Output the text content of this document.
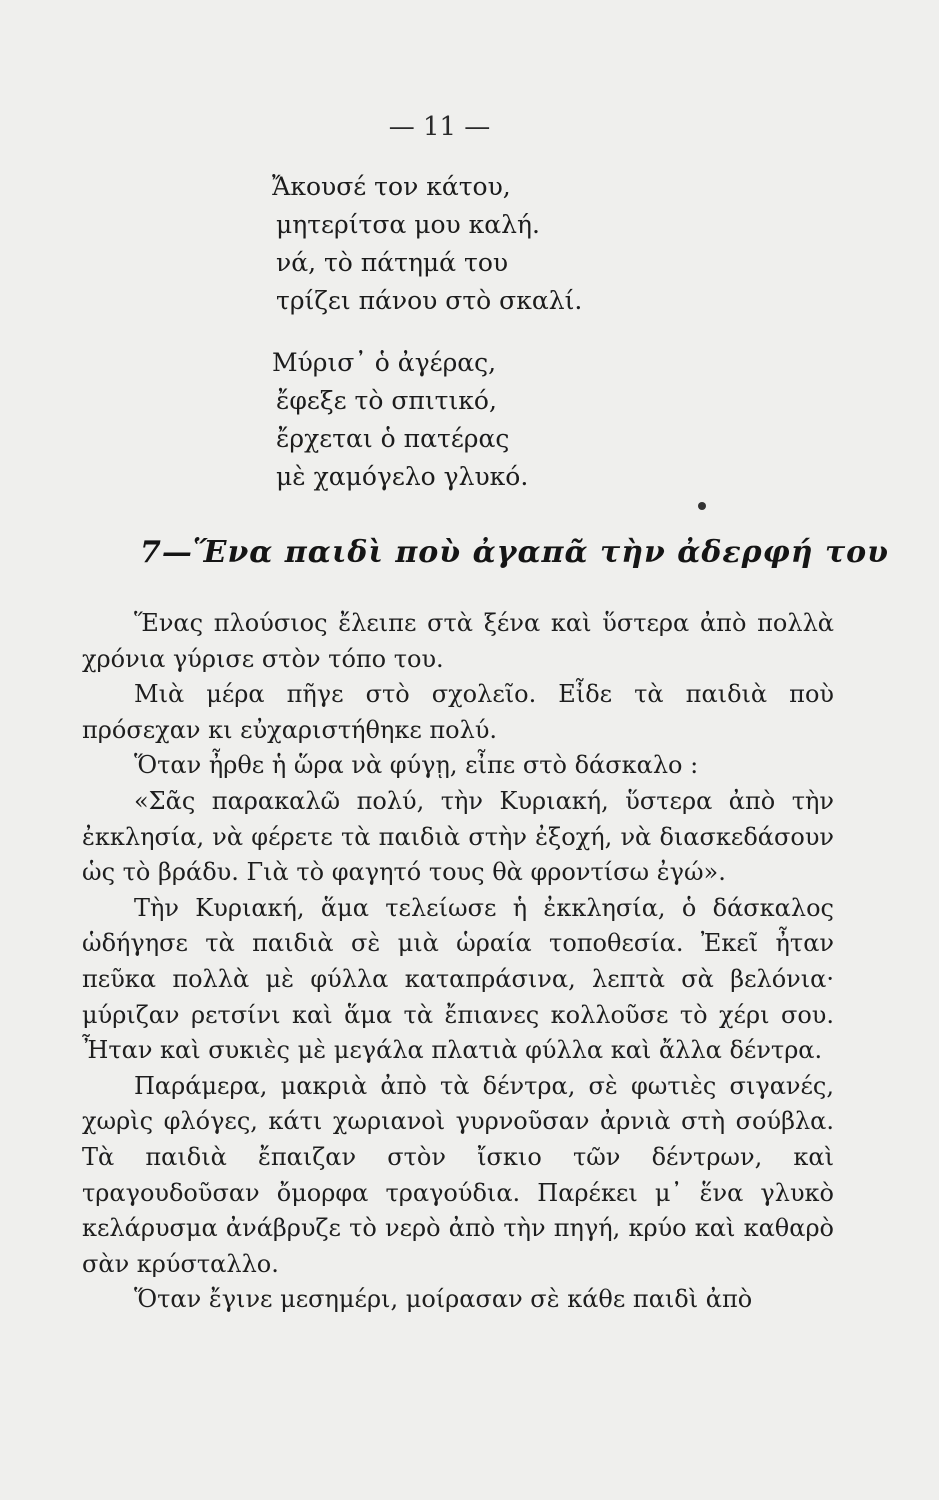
— 11 —
Ἄκουσέ τον κάτου,
μητερίτσα μου καλή.
νά, τὸ πάτημά του
τρίζει πάνου στὸ σκαλί.
Μύρισ᾽ ὁ ἀγέρας,
ἔφεξε τὸ σπιτικό,
ἔρχεται ὁ πατέρας
μὲ χαμόγελο γλυκό.
7—Ἕνα παιδὶ ποὺ ἀγαπᾶ τὴν ἀδερφή του

Ἕνας πλούσιος ἔλειπε στὰ ξένα καὶ ὕστερα ἀπὸ πολλὰ χρόνια γύρισε στὸν τόπο του.

Μιὰ μέρα πῆγε στὸ σχολεῖο. Εἶδε τὰ παιδιὰ ποὺ πρόσεχαν κι εὐχαριστήθηκε πολύ.

Ὅταν ἦρθε ἡ ὥρα νὰ φύγῃ, εἶπε στὸ δάσκαλο :

«Σᾶς παρακαλῶ πολύ, τὴν Κυριακή, ὕστερα ἀπὸ τὴν ἐκκλησία, νὰ φέρετε τὰ παιδιὰ στὴν ἐξοχή, νὰ διασκεδάσουν ὡς τὸ βράδυ. Γιὰ τὸ φαγητό τους θὰ φροντίσω ἐγώ».

Τὴν Κυριακή, ἅμα τελείωσε ἡ ἐκκλησία, ὁ δάσκαλος ὡδήγησε τὰ παιδιὰ σὲ μιὰ ὡραία τοποθεσία. Ἐκεῖ ἦταν πεῦκα πολλὰ μὲ φύλλα καταπράσινα, λεπτὰ σὰ βελόνια· μύριζαν ρετσίνι καὶ ἅμα τὰ ἔπιανες κολλοῦσε τὸ χέρι σου. Ἦταν καὶ συκιὲς μὲ μεγάλα πλατιὰ φύλλα καὶ ἄλλα δέντρα.

Παράμερα, μακριὰ ἀπὸ τὰ δέντρα, σὲ φωτιὲς σιγανές, χωρὶς φλόγες, κάτι χωριανοὶ γυρνοῦσαν ἀρνιὰ στὴ σούβλα. Τὰ παιδιὰ ἔπαιζαν στὸν ἴσκιο τῶν δέντρων, καὶ τραγουδοῦσαν ὄμορφα τραγούδια. Παρέκει μ᾽ ἕνα γλυκὸ κελάρυσμα ἀνάβρυζε τὸ νερὸ ἀπὸ τὴν πηγή, κρύο καὶ καθαρὸ σὰν κρύσταλλο.

Ὅταν ἔγινε μεσημέρι, μοίρασαν σὲ κάθε παιδὶ ἀπὸ
